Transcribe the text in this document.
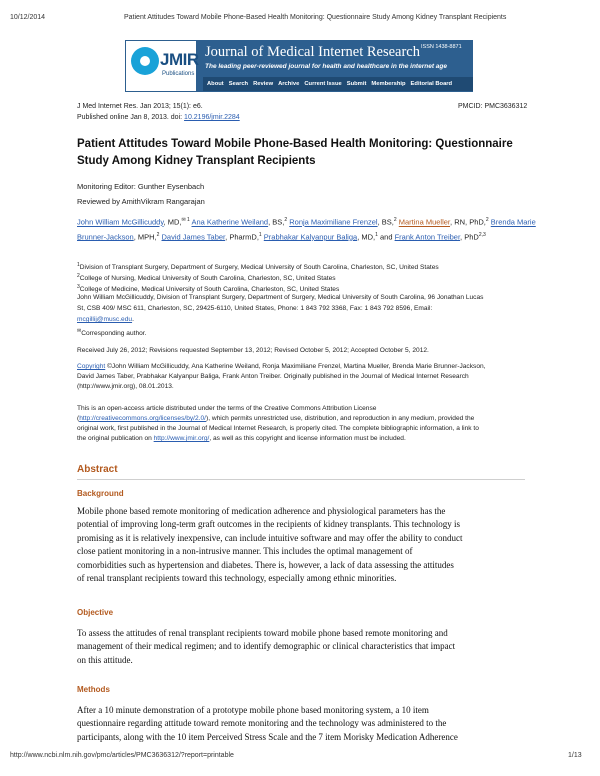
10/12/2014	Patient Attitudes Toward Mobile Phone-Based Health Monitoring: Questionnaire Study Among Kidney Transplant Recipients
JMIR
Publications
Journal of Medical Internet Research ISSN 1438-8871
The leading peer-reviewed journal for health and healthcare in the internet age
About Search Review Archive Current Issue Submit Membership Editorial Board
J Med Internet Res. Jan 2013; 15(1): e6.	PMCID: PMC3636312
Published online Jan 8, 2013. doi: 10.2196/jmir.2284
Patient Attitudes Toward Mobile Phone-Based Health Monitoring: Questionnaire Study Among Kidney Transplant Recipients
Monitoring Editor: Gunther Eysenbach
Reviewed by AmithVikram Rangarajan
John William McGillicuddy, MD,$^{✉ 1}$ Ana Katherine Weiland, BS,$^2$ Ronja Maximiliane Frenzel, BS,$^2$ Martina Mueller, RN, PhD,$^2$ Brenda Marie Brunner-Jackson, MPH,$^2$ David James Taber, PharmD,$^1$ Prabhakar Kalyanpur Baliga, MD,$^1$ and Frank Anton Treiber, PhD$^{2,3}$
$^1$Division of Transplant Surgery, Department of Surgery, Medical University of South Carolina, Charleston, SC, United States
$^2$College of Nursing, Medical University of South Carolina, Charleston, SC, United States
$^3$College of Medicine, Medical University of South Carolina, Charleston, SC, United States
John William McGillicuddy, Division of Transplant Surgery, Department of Surgery, Medical University of South Carolina, 96 Jonathan Lucas
St, CSB 409/ MSC 611, Charleston, SC, 29425-6110, United States, Phone: 1 843 792 3368, Fax: 1 843 792 8596, Email:
mcgillij@musc.edu.
✉Corresponding author.
Received July 26, 2012; Revisions requested September 13, 2012; Revised October 5, 2012; Accepted October 5, 2012.
Copyright ©John William McGillicuddy, Ana Katherine Weiland, Ronja Maximiliane Frenzel, Martina Mueller, Brenda Marie Brunner-Jackson,
David James Taber, Prabhakar Kalyanpur Baliga, Frank Anton Treiber. Originally published in the Journal of Medical Internet Research
(http://www.jmir.org), 08.01.2013.
This is an open-access article distributed under the terms of the Creative Commons Attribution License
(http://creativecommons.org/licenses/by/2.0/), which permits unrestricted use, distribution, and reproduction in any medium, provided the
original work, first published in the Journal of Medical Internet Research, is properly cited. The complete bibliographic information, a link to
the original publication on http://www.jmir.org/, as well as this copyright and license information must be included.
Abstract
Background
Mobile phone based remote monitoring of medication adherence and physiological parameters has the
potential of improving long-term graft outcomes in the recipients of kidney transplants. This technology is
promising as it is relatively inexpensive, can include intuitive software and may offer the ability to conduct
close patient monitoring in a non-intrusive manner. This includes the optimal management of
comorbidities such as hypertension and diabetes. There is, however, a lack of data assessing the attitudes
of renal transplant recipients toward this technology, especially among ethnic minorities.
Objective
To assess the attitudes of renal transplant recipients toward mobile phone based remote monitoring and
management of their medical regimen; and to identify demographic or clinical characteristics that impact
on this attitude.
Methods
After a 10 minute demonstration of a prototype mobile phone based monitoring system, a 10 item
questionnaire regarding attitude toward remote monitoring and the technology was administered to the
participants, along with the 10 item Perceived Stress Scale and the 7 item Morisky Medication Adherence
http://www.ncbi.nlm.nih.gov/pmc/articles/PMC3636312/?report=printable	1/13
